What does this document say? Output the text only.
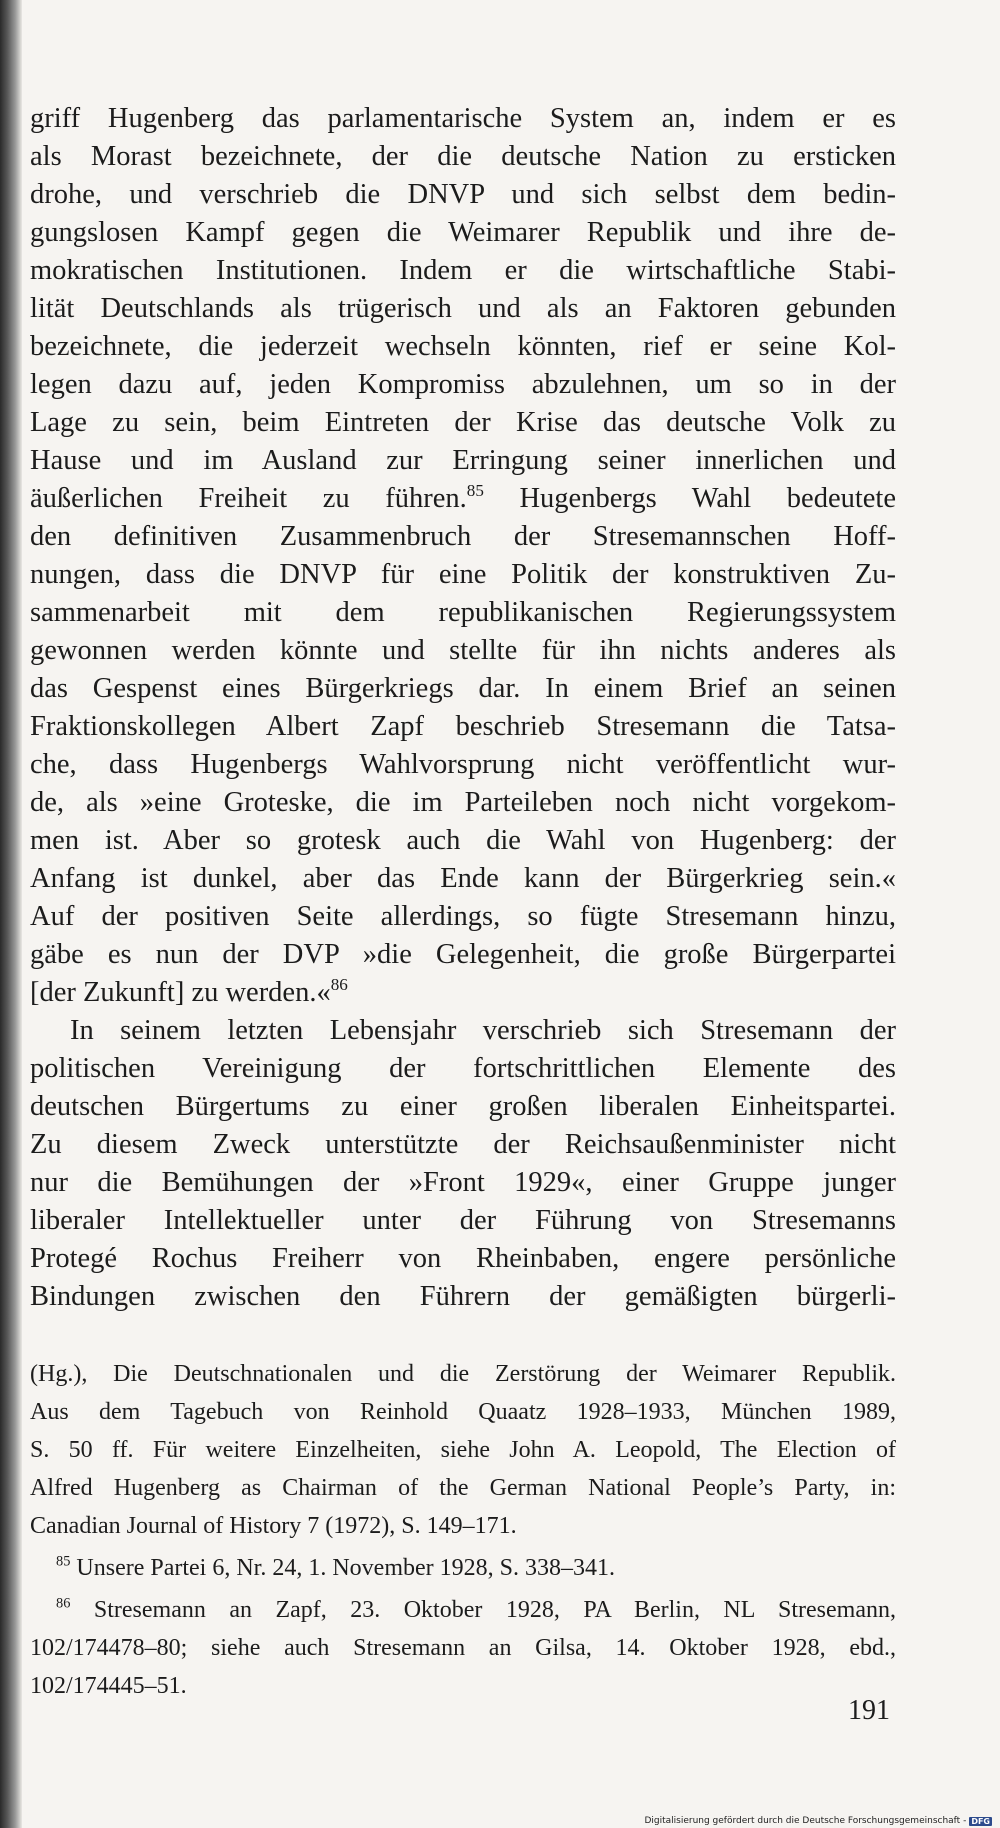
griff Hugenberg das parlamentarische System an, indem er es
als Morast bezeichnete, der die deutsche Nation zu ersticken
drohe, und verschrieb die DNVP und sich selbst dem bedin-
gungslosen Kampf gegen die Weimarer Republik und ihre de-
mokratischen Institutionen. Indem er die wirtschaftliche Stabi-
lität Deutschlands als trügerisch und als an Faktoren gebunden
bezeichnete, die jederzeit wechseln könnten, rief er seine Kol-
legen dazu auf, jeden Kompromiss abzulehnen, um so in der
Lage zu sein, beim Eintreten der Krise das deutsche Volk zu
Hause und im Ausland zur Erringung seiner innerlichen und
äußerlichen Freiheit zu führen.$^{85}$ Hugenbergs Wahl bedeutete
den definitiven Zusammenbruch der Stresemannschen Hoff-
nungen, dass die DNVP für eine Politik der konstruktiven Zu-
sammenarbeit mit dem republikanischen Regierungssystem
gewonnen werden könnte und stellte für ihn nichts anderes als
das Gespenst eines Bürgerkriegs dar. In einem Brief an seinen
Fraktionskollegen Albert Zapf beschrieb Stresemann die Tatsa-
che, dass Hugenbergs Wahlvorsprung nicht veröffentlicht wur-
de, als »eine Groteske, die im Parteileben noch nicht vorgekom-
men ist. Aber so grotesk auch die Wahl von Hugenberg: der
Anfang ist dunkel, aber das Ende kann der Bürgerkrieg sein.«
Auf der positiven Seite allerdings, so fügte Stresemann hinzu,
gäbe es nun der DVP »die Gelegenheit, die große Bürgerpartei
[der Zukunft] zu werden.«$^{86}$
In seinem letzten Lebensjahr verschrieb sich Stresemann der
politischen Vereinigung der fortschrittlichen Elemente des
deutschen Bürgertums zu einer großen liberalen Einheitspartei.
Zu diesem Zweck unterstützte der Reichsaußenminister nicht
nur die Bemühungen der »Front 1929«, einer Gruppe junger
liberaler Intellektueller unter der Führung von Stresemanns
Protegé Rochus Freiherr von Rheinbaben, engere persönliche
Bindungen zwischen den Führern der gemäßigten bürgerli-
(Hg.), Die Deutschnationalen und die Zerstörung der Weimarer Republik.
Aus dem Tagebuch von Reinhold Quaatz 1928–1933, München 1989,
S. 50 ff. Für weitere Einzelheiten, siehe John A. Leopold, The Election of
Alfred Hugenberg as Chairman of the German National People’s Party, in:
Canadian Journal of History 7 (1972), S. 149–171.
$^{85}$ Unsere Partei 6, Nr. 24, 1. November 1928, S. 338–341.
$^{86}$ Stresemann an Zapf, 23. Oktober 1928, PA Berlin, NL Stresemann,
102/174478–80; siehe auch Stresemann an Gilsa, 14. Oktober 1928, ebd.,
102/174445–51.
191
Digitalisierung gefördert durch die Deutsche Forschungsgemeinschaft - DFG
